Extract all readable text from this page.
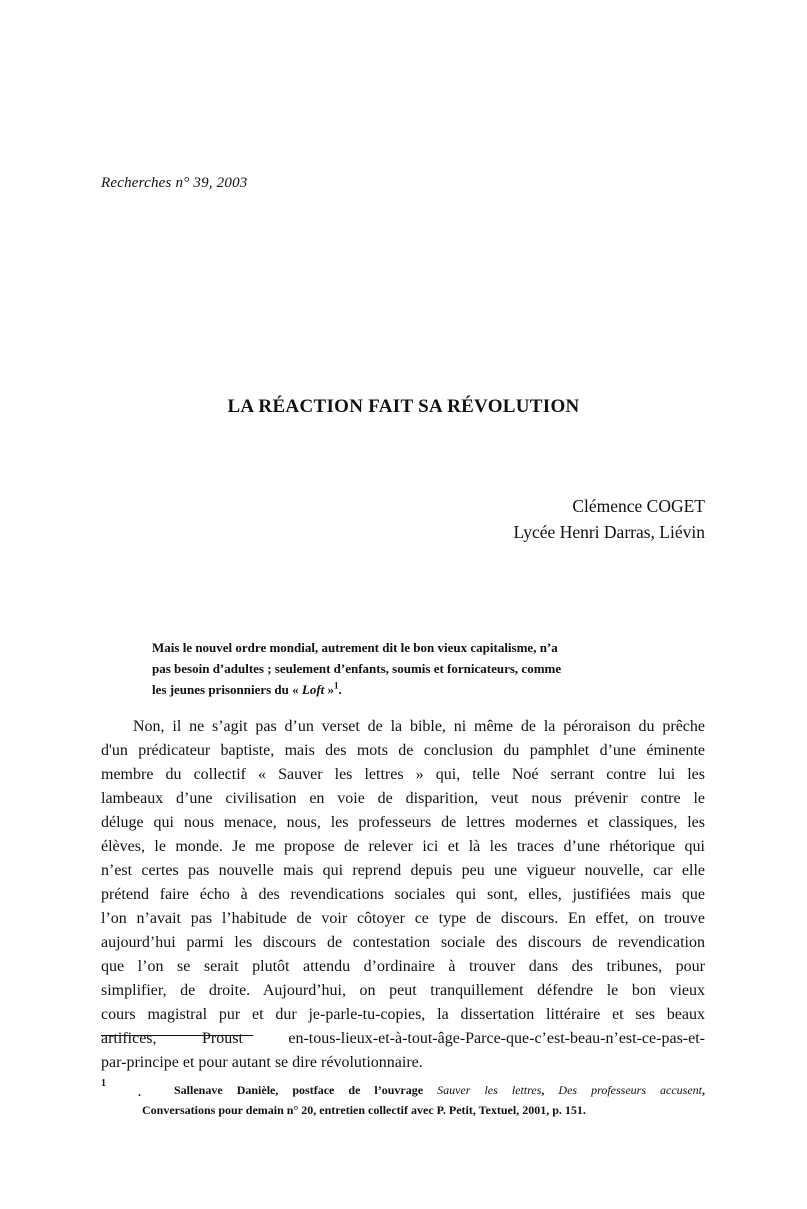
Recherches n° 39, 2003
LA RÉACTION FAIT SA RÉVOLUTION
Clémence COGET
Lycée Henri Darras, Liévin
Mais le nouvel ordre mondial, autrement dit le bon vieux capitalisme, n’a
pas besoin d’adultes ; seulement d’enfants, soumis et fornicateurs, comme
les jeunes prisonniers du « Loft »$^1$.
Non, il ne s’agit pas d’un verset de la bible, ni même de la péroraison du prêche
d'un prédicateur baptiste, mais des mots de conclusion du pamphlet d’une éminente
membre du collectif « Sauver les lettres » qui, telle Noé serrant contre lui les
lambeaux d’une civilisation en voie de disparition, veut nous prévenir contre le
déluge qui nous menace, nous, les professeurs de lettres modernes et classiques, les
élèves, le monde. Je me propose de relever ici et là les traces d’une rhétorique qui
n’est certes pas nouvelle mais qui reprend depuis peu une vigueur nouvelle, car elle
prétend faire écho à des revendications sociales qui sont, elles, justifiées mais que
l’on n’avait pas l’habitude de voir côtoyer ce type de discours. En effet, on trouve
aujourd’hui parmi les discours de contestation sociale des discours de revendication
que l’on se serait plutôt attendu d’ordinaire à trouver dans des tribunes, pour
simplifier, de droite. Aujourd’hui, on peut tranquillement défendre le bon vieux
cours magistral pur et dur je-parle-tu-copies, la dissertation littéraire et ses beaux
artifices, Proust en-tous-lieux-et-à-tout-âge-Parce-que-c’est-beau-n’est-ce-pas-et-
par-principe et pour autant se dire révolutionnaire.
1
.	Sallenave Danièle, postface de l’ouvrage Sauver les lettres, Des professeurs accusent,
Conversations pour demain n° 20, entretien collectif avec P. Petit, Textuel, 2001, p. 151.
